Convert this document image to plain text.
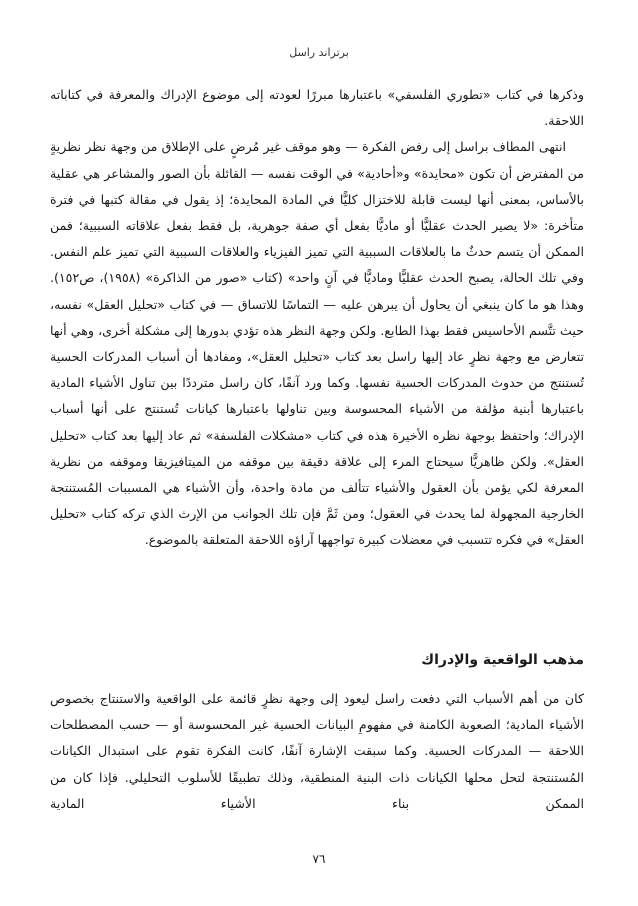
برتراند راسل

وذكرها في كتاب «تطوري الفلسفي» باعتبارها مبررًا لعودته إلى موضوع الإدراك والمعرفة في كتاباته اللاحقة.

انتهى المطاف براسل إلى رفض الفكرة — وهو موقف غير مُرضٍ على الإطلاق من وجهة نظر نظريةٍ من المفترض أن تكون «محايدة» و«أحادية» في الوقت نفسه — القائلة بأن الصور والمشاعر هي عقلية بالأساس، بمعنى أنها ليست قابلة للاختزال كليًّا في المادة المحايدة؛ إذ يقول في مقالة كتبها في فترة متأخرة: «لا يصير الحدث عقليًّا أو ماديًّا بفعل أي صفة جوهرية، بل فقط بفعل علاقاته السببية؛ فمن الممكن أن يتسم حدثٌ ما بالعلاقات السببية التي تميز الفيزياء والعلاقات السببية التي تميز علم النفس. وفي تلك الحالة، يصبح الحدث عقليًّا وماديًّا في آنٍ واحد» (كتاب «صور من الذاكرة» (١٩٥٨)، ص١٥٢). وهذا هو ما كان ينبغي أن يحاول أن يبرهن عليه — التماسًا للاتساق — في كتاب «تحليل العقل» نفسه، حيث تتَّسم الأحاسيس فقط بهذا الطابع. ولكن وجهة النظر هذه تؤدي بدورها إلى مشكلة أخرى، وهي أنها تتعارض مع وجهة نظرٍ عاد إليها راسل بعد كتاب «تحليل العقل»، ومفادها أن أسباب المدركات الحسية تُستنتج من حدوث المدركات الحسية نفسها. وكما ورد آنفًا، كان راسل مترددًا بين تناول الأشياء المادية باعتبارها أبنية مؤلفة من الأشياء المحسوسة وبين تناولها باعتبارها كيانات تُستنتج على أنها أسباب الإدراك؛ واحتفظ بوجهة نظره الأخيرة هذه في كتاب «مشكلات الفلسفة» ثم عاد إليها بعد كتاب «تحليل العقل». ولكن ظاهريًّا سيحتاج المرء إلى علاقة دقيقة بين موقفه من الميتافيزيقا وموقفه من نظرية المعرفة لكي يؤمن بأن العقول والأشياء تتألف من مادة واحدة، وأن الأشياء هي المسببات المُستنتجة الخارجية المجهولة لما يحدث في العقول؛ ومن ثَمَّ فإن تلك الجوانب من الإرث الذي تركه كتاب «تحليل العقل» في فكره تتسبب في معضلات كبيرة تواجهها آراؤه اللاحقة المتعلقة بالموضوع.

مذهب الواقعية والإدراك

كان من أهم الأسباب التي دفعت راسل ليعود إلى وجهة نظرٍ قائمة على الواقعية والاستنتاج بخصوص الأشياء المادية؛ الصعوبة الكامنة في مفهومِ البيانات الحسية غير المحسوسة أو — حسب المصطلحات اللاحقة — المدركات الحسية. وكما سبقت الإشارة آنفًا، كانت الفكرة تقوم على استبدال الكيانات المُستنتجة لتحل محلها الكيانات ذات البنية المنطقية، وذلك تطبيقًا للأسلوب التحليلي. فإذا كان من الممكن بناء الأشياء المادية

٧٦
